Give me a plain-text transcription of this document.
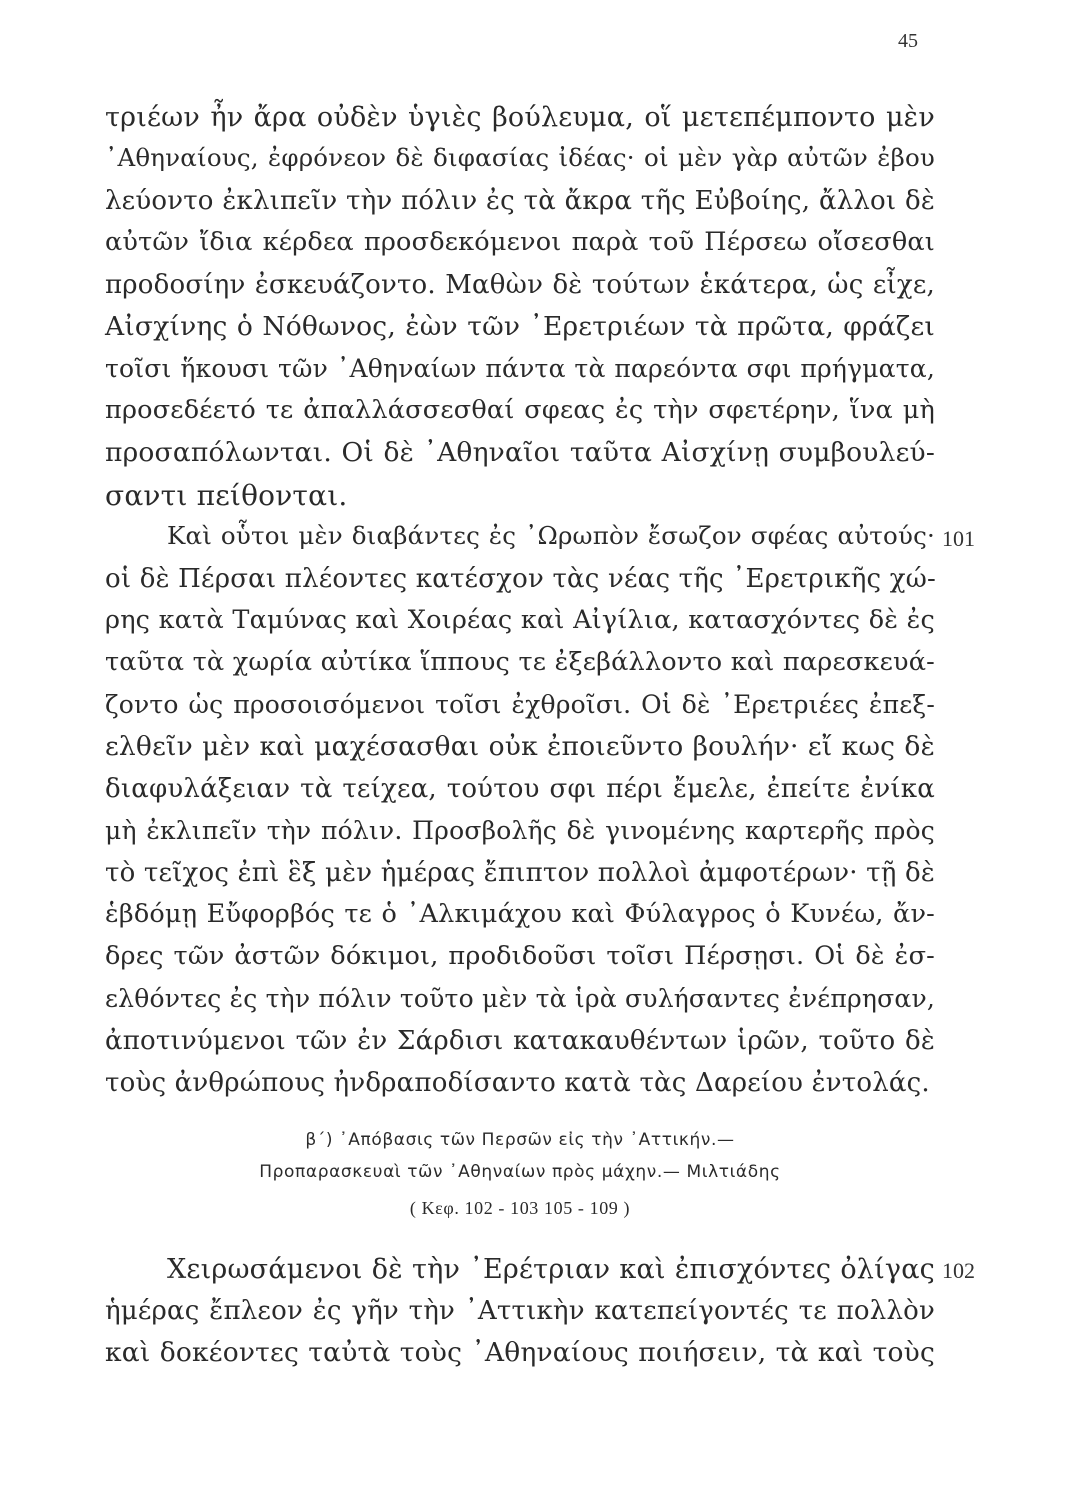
45
τριέων ἦν ἄρα οὐδὲν ὑγιὲς βούλευμα, οἵ μετεπέμποντο μὲν
᾿Αθηναίους, ἐφρόνεον δὲ διφασίας ἰδέας· οἱ μὲν γὰρ αὐτῶν ἐβου
λεύοντο ἐκλιπεῖν τὴν πόλιν ἐς τὰ ἄκρα τῆς Εὐβοίης, ἄλλοι δὲ
αὐτῶν ἴδια κέρδεα προσδεκόμενοι παρὰ τοῦ Πέρσεω οἴσεσθαι
προδοσίην ἐσκευάζοντο. Μαθὼν δὲ τούτων ἑκάτερα, ὡς εἶχε,
Αἰσχίνης ὁ Νόθωνος, ἐὼν τῶν ᾿Ερετριέων τὰ πρῶτα, φράζει
τοῖσι ἥκουσι τῶν ᾿Αθηναίων πάντα τὰ παρεόντα σφι πρήγματα,
προσεδέετό τε ἀπαλλάσσεσθαί σφεας ἐς τὴν σφετέρην, ἵνα μὴ
προσαπόλωνται. Οἱ δὲ ᾿Αθηναῖοι ταῦτα Αἰσχίνῃ συμβουλεύ-
σαντι πείθονται.
Καὶ οὗτοι μὲν διαβάντες ἐς ᾿Ωρωπὸν ἔσωζον σφέας αὐτούς· 101
οἱ δὲ Πέρσαι πλέοντες κατέσχον τὰς νέας τῆς ᾿Ερετρικῆς χώ-
ρης κατὰ Ταμύνας καὶ Χοιρέας καὶ Αἰγίλια, κατασχόντες δὲ ἐς
ταῦτα τὰ χωρία αὐτίκα ἵππους τε ἐξεβάλλοντο καὶ παρεσκευά-
ζοντο ὡς προσοισόμενοι τοῖσι ἐχθροῖσι. Οἱ δὲ ᾿Ερετριέες ἐπεξ-
ελθεῖν μὲν καὶ μαχέσασθαι οὐκ ἐποιεῦντο βουλήν· εἴ κως δὲ
διαφυλάξειαν τὰ τείχεα, τούτου σφι πέρι ἔμελε, ἐπείτε ἐνίκα
μὴ ἐκλιπεῖν τὴν πόλιν. Προσβολῆς δὲ γινομένης καρτερῆς πρὸς
τὸ τεῖχος ἐπὶ ἓξ μὲν ἡμέρας ἔπιπτον πολλοὶ ἀμφοτέρων· τῇ δὲ
ἑβδόμῃ Εὔφορβός τε ὁ ᾿Αλκιμάχου καὶ Φύλαγρος ὁ Κυνέω, ἄν-
δρες τῶν ἀστῶν δόκιμοι, προδιδοῦσι τοῖσι Πέρσῃσι. Οἱ δὲ ἐσ-
ελθόντες ἐς τὴν πόλιν τοῦτο μὲν τὰ ἱρὰ συλήσαντες ἐνέπρησαν,
ἀποτινύμενοι τῶν ἐν Σάρδισι κατακαυθέντων ἱρῶν, τοῦτο δὲ
τοὺς ἀνθρώπους ἠνδραποδίσαντο κατὰ τὰς Δαρείου ἐντολάς.
β΄) ᾿Απόβασις τῶν Περσῶν εἰς τὴν ᾿Αττικήν.—
Προπαρασκευαὶ τῶν ᾿Αθηναίων πρὸς μάχην.— Μιλτιάδης
( Κεφ. 102 - 103 105 - 109 )
Χειρωσάμενοι δὲ τὴν ᾿Ερέτριαν καὶ ἐπισχόντες ὀλίγας 102
ἡμέρας ἔπλεον ἐς γῆν τὴν ᾿Αττικὴν κατεπείγοντές τε πολλὸν
καὶ δοκέοντες ταὐτὰ τοὺς ᾿Αθηναίους ποιήσειν, τὰ καὶ τοὺς
